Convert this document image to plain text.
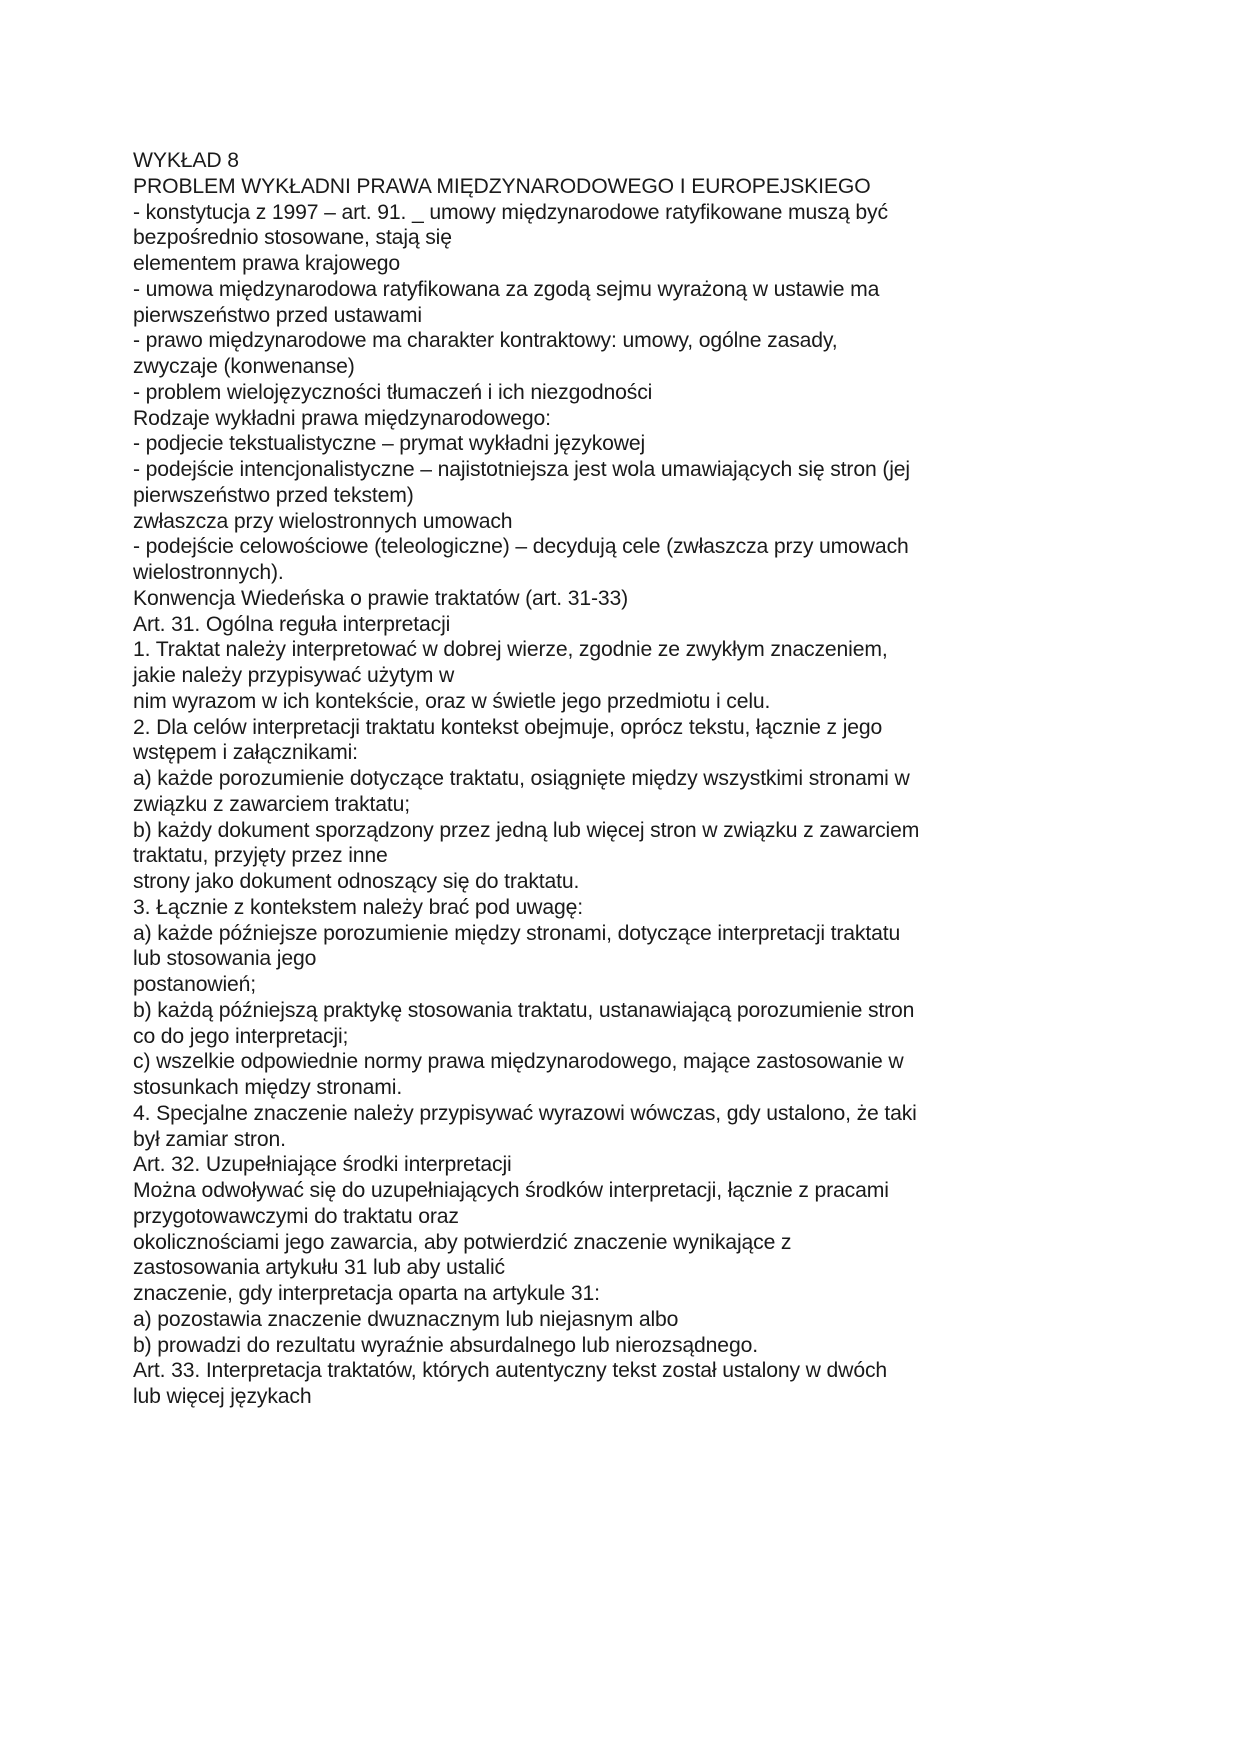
WYKŁAD 8
PROBLEM WYKŁADNI PRAWA MIĘDZYNARODOWEGO I EUROPEJSKIEGO
- konstytucja z 1997 – art. 91. _ umowy międzynarodowe ratyfikowane muszą być
bezpośrednio stosowane, stają się
elementem prawa krajowego
- umowa międzynarodowa ratyfikowana za zgodą sejmu wyrażoną w ustawie ma
pierwszeństwo przed ustawami
- prawo międzynarodowe ma charakter kontraktowy: umowy, ogólne zasady,
zwyczaje (konwenanse)
- problem wielojęzyczności tłumaczeń i ich niezgodności
Rodzaje wykładni prawa międzynarodowego:
- podjecie tekstualistyczne – prymat wykładni językowej
- podejście intencjonalistyczne – najistotniejsza jest wola umawiających się stron (jej
pierwszeństwo przed tekstem)
zwłaszcza przy wielostronnych umowach
- podejście celowościowe (teleologiczne) – decydują cele (zwłaszcza przy umowach
wielostronnych).
Konwencja Wiedeńska o prawie traktatów (art. 31-33)
Art. 31. Ogólna reguła interpretacji
1. Traktat należy interpretować w dobrej wierze, zgodnie ze zwykłym znaczeniem,
jakie należy przypisywać użytym w
nim wyrazom w ich kontekście, oraz w świetle jego przedmiotu i celu.
2. Dla celów interpretacji traktatu kontekst obejmuje, oprócz tekstu, łącznie z jego
wstępem i załącznikami:
a) każde porozumienie dotyczące traktatu, osiągnięte między wszystkimi stronami w
związku z zawarciem traktatu;
b) każdy dokument sporządzony przez jedną lub więcej stron w związku z zawarciem
traktatu, przyjęty przez inne
strony jako dokument odnoszący się do traktatu.
3. Łącznie z kontekstem należy brać pod uwagę:
a) każde późniejsze porozumienie między stronami, dotyczące interpretacji traktatu
lub stosowania jego
postanowień;
b) każdą późniejszą praktykę stosowania traktatu, ustanawiającą porozumienie stron
co do jego interpretacji;
c) wszelkie odpowiednie normy prawa międzynarodowego, mające zastosowanie w
stosunkach między stronami.
4. Specjalne znaczenie należy przypisywać wyrazowi wówczas, gdy ustalono, że taki
był zamiar stron.
Art. 32. Uzupełniające środki interpretacji
Można odwoływać się do uzupełniających środków interpretacji, łącznie z pracami
przygotowawczymi do traktatu oraz
okolicznościami jego zawarcia, aby potwierdzić znaczenie wynikające z
zastosowania artykułu 31 lub aby ustalić
znaczenie, gdy interpretacja oparta na artykule 31:
a) pozostawia znaczenie dwuznacznym lub niejasnym albo
b) prowadzi do rezultatu wyraźnie absurdalnego lub nierozsądnego.
Art. 33. Interpretacja traktatów, których autentyczny tekst został ustalony w dwóch
lub więcej językach
